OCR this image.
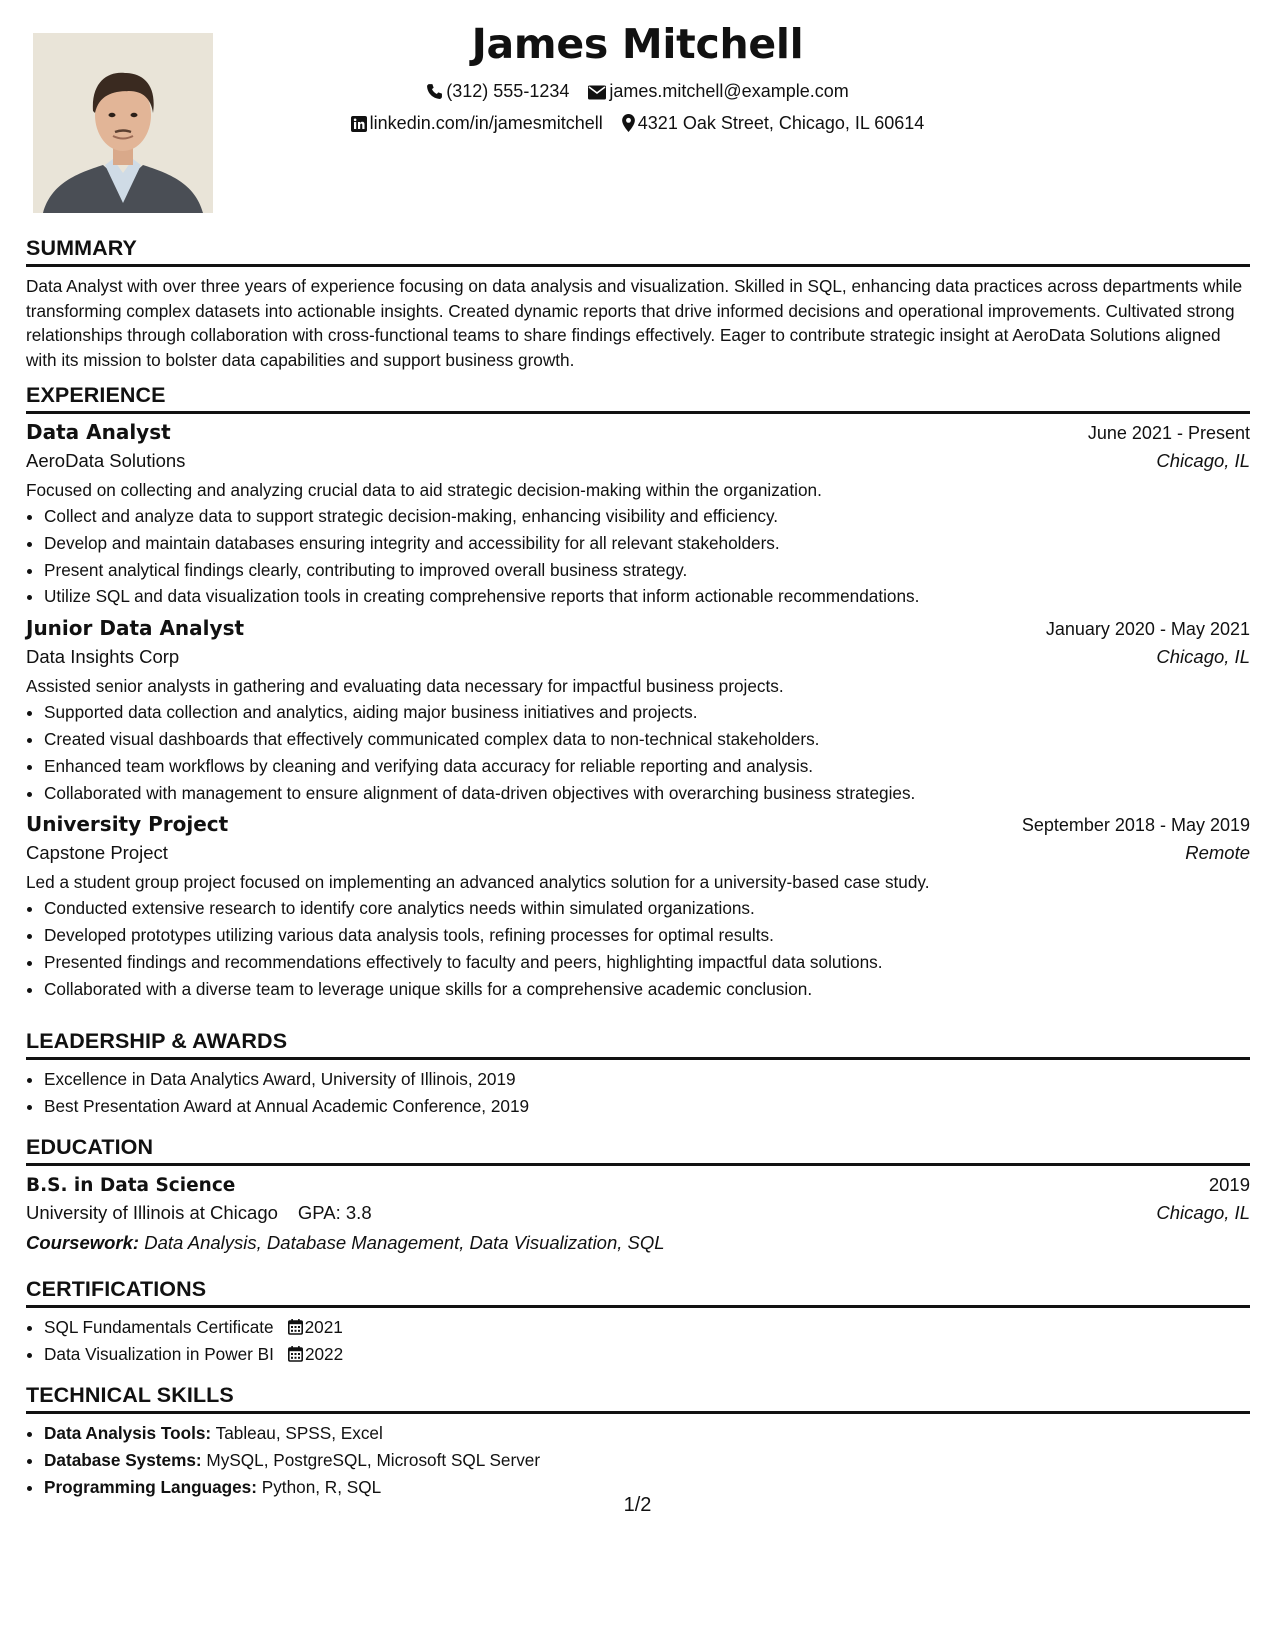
James Mitchell
(312) 555-1234 james.mitchell@example.com
linkedin.com/in/jamesmitchell 4321 Oak Street, Chicago, IL 60614
SUMMARY
Data Analyst with over three years of experience focusing on data analysis and visualization. Skilled in SQL, enhancing data practices across departments while transforming complex datasets into actionable insights. Created dynamic reports that drive informed decisions and operational improvements. Cultivated strong relationships through collaboration with cross-functional teams to share findings effectively. Eager to contribute strategic insight at AeroData Solutions aligned with its mission to bolster data capabilities and support business growth.
EXPERIENCE
Data Analyst	June 2021 - Present
AeroData Solutions	Chicago, IL
Focused on collecting and analyzing crucial data to aid strategic decision-making within the organization.
• Collect and analyze data to support strategic decision-making, enhancing visibility and efficiency.
• Develop and maintain databases ensuring integrity and accessibility for all relevant stakeholders.
• Present analytical findings clearly, contributing to improved overall business strategy.
• Utilize SQL and data visualization tools in creating comprehensive reports that inform actionable recommendations.
Junior Data Analyst	January 2020 - May 2021
Data Insights Corp	Chicago, IL
Assisted senior analysts in gathering and evaluating data necessary for impactful business projects.
• Supported data collection and analytics, aiding major business initiatives and projects.
• Created visual dashboards that effectively communicated complex data to non-technical stakeholders.
• Enhanced team workflows by cleaning and verifying data accuracy for reliable reporting and analysis.
• Collaborated with management to ensure alignment of data-driven objectives with overarching business strategies.
University Project	September 2018 - May 2019
Capstone Project	Remote
Led a student group project focused on implementing an advanced analytics solution for a university-based case study.
• Conducted extensive research to identify core analytics needs within simulated organizations.
• Developed prototypes utilizing various data analysis tools, refining processes for optimal results.
• Presented findings and recommendations effectively to faculty and peers, highlighting impactful data solutions.
• Collaborated with a diverse team to leverage unique skills for a comprehensive academic conclusion.
LEADERSHIP & AWARDS
• Excellence in Data Analytics Award, University of Illinois, 2019
• Best Presentation Award at Annual Academic Conference, 2019
EDUCATION
B.S. in Data Science	2019
University of Illinois at Chicago GPA: 3.8	Chicago, IL
Coursework: Data Analysis, Database Management, Data Visualization, SQL
CERTIFICATIONS
• SQL Fundamentals Certificate 2021
• Data Visualization in Power BI 2022
TECHNICAL SKILLS
• Data Analysis Tools: Tableau, SPSS, Excel
• Database Systems: MySQL, PostgreSQL, Microsoft SQL Server
• Programming Languages: Python, R, SQL
1/2
